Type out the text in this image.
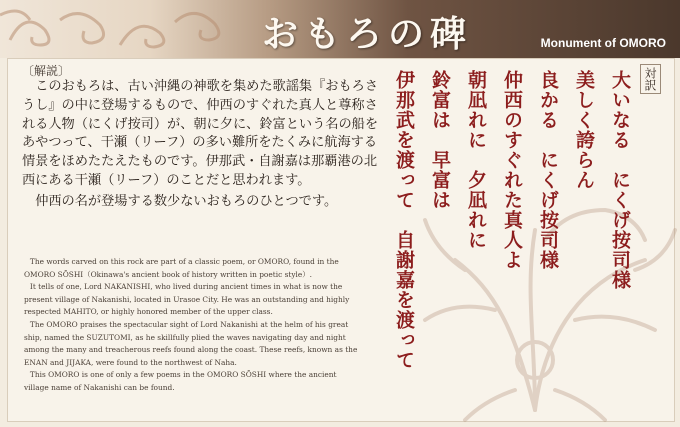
おもろの碑	Monument of OMORO
〔解説〕

このおもろは、古い沖縄の神歌を集めた歌謡集『おもろさうし』の中に登場するもので、仲西のすぐれた真人と尊称される人物（にくげ按司）が、朝に夕に、鈴富という名の船をあやつって、干瀬（リーフ）の多い難所をたくみに航海する情景をほめたたえたものです。伊那武・自謝嘉は那覇港の北西にある干瀬（リーフ）のことだと思われます。

仲西の名が登場する数少ないおもろのひとつです。

The words carved on this rock are part of a classic poem, or OMORO, found in the OMORO SŌSHI（Okinawa's ancient book of history written in poetic style）.

It tells of one, Lord NAKANISHI, who lived during ancient times in what is now the present village of Nakanishi, located in Urasoe City. He was an outstanding and highly respected MAHITO, or highly honored member of the upper class.

The OMORO praises the spectacular sight of Lord Nakanishi at the helm of his great ship, named the SUZUTOMI, as he skillfully plied the waves navigating day and night among the many and treacherous reefs found along the coast. These reefs, known as the ENAN and JIJAKA, were found to the northwest of Naha.

This OMORO is one of only a few poems in the OMORO SŌSHI where the ancient village name of Nakanishi can be found.

対訳
大いなる　にくげ按司様
美しく誇らん
良かる　にくげ按司様
仲西のすぐれた真人よ
朝凪れに　夕凪れに
鈴富は　早富は
伊那武を渡って　自謝嘉を渡って
